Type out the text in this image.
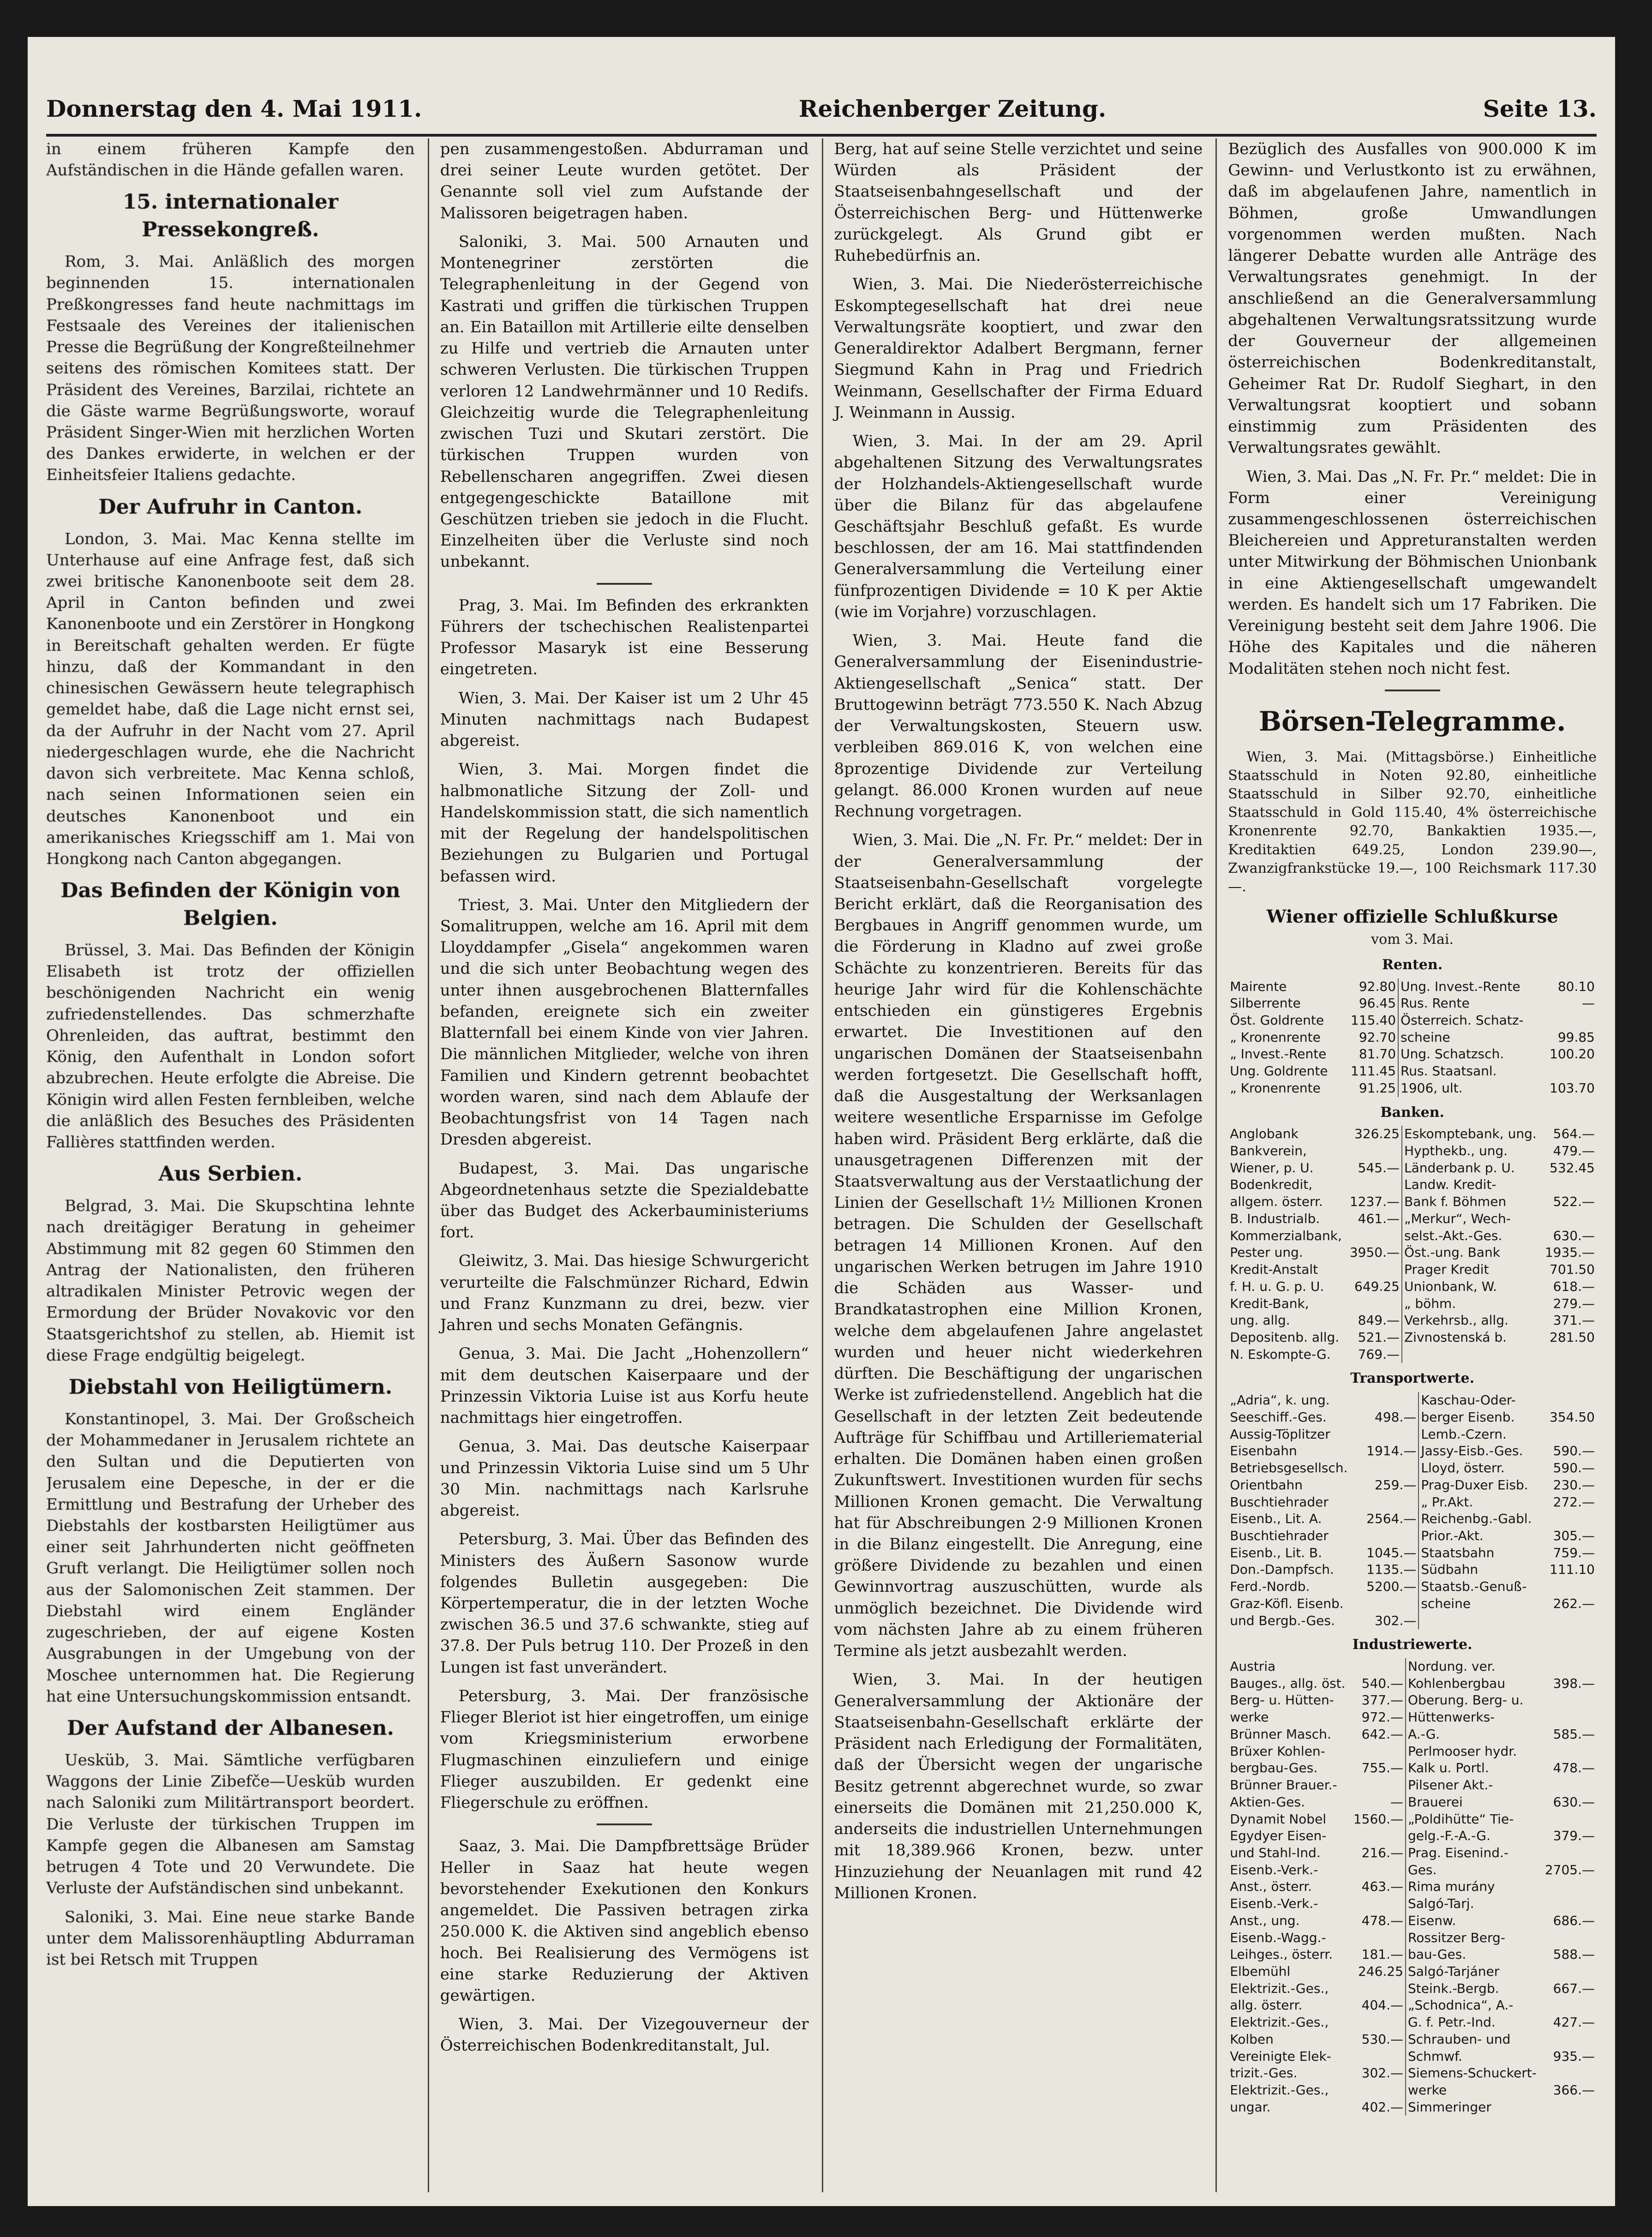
Donnerstag den 4. Mai 1911.	Reichenberger Zeitung.	Seite 13.

in einem früheren Kampfe den Aufständischen in die Hände gefallen waren.

15. internationaler Pressekongreß.

Rom, 3. Mai. Anläßlich des morgen beginnenden 15. internationalen Preßkongresses fand heute nachmittags im Festsaale des Vereines der italienischen Presse die Begrüßung der Kongreßteilnehmer seitens des römischen Komitees statt. Der Präsident des Vereines, Barzilai, richtete an die Gäste warme Begrüßungsworte, worauf Präsident Singer-Wien mit herzlichen Worten des Dankes erwiderte, in welchen er der Einheitsfeier Italiens gedachte.

Der Aufruhr in Canton.

London, 3. Mai. Mac Kenna stellte im Unterhause auf eine Anfrage fest, daß sich zwei britische Kanonenboote seit dem 28. April in Canton befinden und zwei Kanonenboote und ein Zerstörer in Hongkong in Bereitschaft gehalten werden. Er fügte hinzu, daß der Kommandant in den chinesischen Gewässern heute telegraphisch gemeldet habe, daß die Lage nicht ernst sei, da der Aufruhr in der Nacht vom 27. April niedergeschlagen wurde, ehe die Nachricht davon sich verbreitete. Mac Kenna schloß, nach seinen Informationen seien ein deutsches Kanonenboot und ein amerikanisches Kriegsschiff am 1. Mai von Hongkong nach Canton abgegangen.

Das Befinden der Königin von Belgien.

Brüssel, 3. Mai. Das Befinden der Königin Elisabeth ist trotz der offiziellen beschönigenden Nachricht ein wenig zufriedenstellendes. Das schmerzhafte Ohrenleiden, das auftrat, bestimmt den König, den Aufenthalt in London sofort abzubrechen. Heute erfolgte die Abreise. Die Königin wird allen Festen fernbleiben, welche die anläßlich des Besuches des Präsidenten Fallières stattfinden werden.

Aus Serbien.

Belgrad, 3. Mai. Die Skupschtina lehnte nach dreitägiger Beratung in geheimer Abstimmung mit 82 gegen 60 Stimmen den Antrag der Nationalisten, den früheren altradikalen Minister Petrovic wegen der Ermordung der Brüder Novakovic vor den Staatsgerichtshof zu stellen, ab. Hiemit ist diese Frage endgültig beigelegt.

Diebstahl von Heiligtümern.

Konstantinopel, 3. Mai. Der Großscheich der Mohammedaner in Jerusalem richtete an den Sultan und die Deputierten von Jerusalem eine Depesche, in der er die Ermittlung und Bestrafung der Urheber des Diebstahls der kostbarsten Heiligtümer aus einer seit Jahrhunderten nicht geöffneten Gruft verlangt. Die Heiligtümer sollen noch aus der Salomonischen Zeit stammen. Der Diebstahl wird einem Engländer zugeschrieben, der auf eigene Kosten Ausgrabungen in der Umgebung von der Moschee unternommen hat. Die Regierung hat eine Untersuchungskommission entsandt.

Der Aufstand der Albanesen.

Uesküb, 3. Mai. Sämtliche verfügbaren Waggons der Linie Zibefče—Uesküb wurden nach Saloniki zum Militärtransport beordert. Die Verluste der türkischen Truppen im Kampfe gegen die Albanesen am Samstag betrugen 4 Tote und 20 Verwundete. Die Verluste der Aufständischen sind unbekannt.

Saloniki, 3. Mai. Eine neue starke Bande unter dem Malissorenhäuptling Abdurraman ist bei Retsch mit Truppen

pen zusammengestoßen. Abdurraman und drei seiner Leute wurden getötet. Der Genannte soll viel zum Aufstande der Malissoren beigetragen haben.

Saloniki, 3. Mai. 500 Arnauten und Montenegriner zerstörten die Telegraphenleitung in der Gegend von Kastrati und griffen die türkischen Truppen an. Ein Bataillon mit Artillerie eilte denselben zu Hilfe und vertrieb die Arnauten unter schweren Verlusten. Die türkischen Truppen verloren 12 Landwehrmänner und 10 Redifs. Gleichzeitig wurde die Telegraphenleitung zwischen Tuzi und Skutari zerstört. Die türkischen Truppen wurden von Rebellenscharen angegriffen. Zwei diesen entgegengeschickte Bataillone mit Geschützen trieben sie jedoch in die Flucht. Einzelheiten über die Verluste sind noch unbekannt.

Prag, 3. Mai. Im Befinden des erkrankten Führers der tschechischen Realistenpartei Professor Masaryk ist eine Besserung eingetreten.

Wien, 3. Mai. Der Kaiser ist um 2 Uhr 45 Minuten nachmittags nach Budapest abgereist.

Wien, 3. Mai. Morgen findet die halbmonatliche Sitzung der Zoll- und Handelskommission statt, die sich namentlich mit der Regelung der handelspolitischen Beziehungen zu Bulgarien und Portugal befassen wird.

Triest, 3. Mai. Unter den Mitgliedern der Somalitruppen, welche am 16. April mit dem Lloyddampfer „Gisela“ angekommen waren und die sich unter Beobachtung wegen des unter ihnen ausgebrochenen Blatternfalles befanden, ereignete sich ein zweiter Blatternfall bei einem Kinde von vier Jahren. Die männlichen Mitglieder, welche von ihren Familien und Kindern getrennt beobachtet worden waren, sind nach dem Ablaufe der Beobachtungsfrist von 14 Tagen nach Dresden abgereist.

Budapest, 3. Mai. Das ungarische Abgeordnetenhaus setzte die Spezialdebatte über das Budget des Ackerbauministeriums fort.

Gleiwitz, 3. Mai. Das hiesige Schwurgericht verurteilte die Falschmünzer Richard, Edwin und Franz Kunzmann zu drei, bezw. vier Jahren und sechs Monaten Gefängnis.

Genua, 3. Mai. Die Jacht „Hohenzollern“ mit dem deutschen Kaiserpaare und der Prinzessin Viktoria Luise ist aus Korfu heute nachmittags hier eingetroffen.

Genua, 3. Mai. Das deutsche Kaiserpaar und Prinzessin Viktoria Luise sind um 5 Uhr 30 Min. nachmittags nach Karlsruhe abgereist.

Petersburg, 3. Mai. Über das Befinden des Ministers des Äußern Sasonow wurde folgendes Bulletin ausgegeben: Die Körpertemperatur, die in der letzten Woche zwischen 36.5 und 37.6 schwankte, stieg auf 37.8. Der Puls betrug 110. Der Prozeß in den Lungen ist fast unverändert.

Petersburg, 3. Mai. Der französische Flieger Bleriot ist hier eingetroffen, um einige vom Kriegsministerium erworbene Flugmaschinen einzuliefern und einige Flieger auszubilden. Er gedenkt eine Fliegerschule zu eröffnen.

Saaz, 3. Mai. Die Dampfbrettsäge Brüder Heller in Saaz hat heute wegen bevorstehender Exekutionen den Konkurs angemeldet. Die Passiven betragen zirka 250.000 K. die Aktiven sind angeblich ebenso hoch. Bei Realisierung des Vermögens ist eine starke Reduzierung der Aktiven gewärtigen.

Wien, 3. Mai. Der Vizegouverneur der Österreichischen Bodenkreditanstalt, Jul.

Berg, hat auf seine Stelle verzichtet und seine Würden als Präsident der Staatseisenbahngesellschaft und der Österreichischen Berg- und Hüttenwerke zurückgelegt. Als Grund gibt er Ruhebedürfnis an.

Wien, 3. Mai. Die Niederösterreichische Eskomptegesellschaft hat drei neue Verwaltungsräte kooptiert, und zwar den Generaldirektor Adalbert Bergmann, ferner Siegmund Kahn in Prag und Friedrich Weinmann, Gesellschafter der Firma Eduard J. Weinmann in Aussig.

Wien, 3. Mai. In der am 29. April abgehaltenen Sitzung des Verwaltungsrates der Holzhandels-Aktiengesellschaft wurde über die Bilanz für das abgelaufene Geschäftsjahr Beschluß gefaßt. Es wurde beschlossen, der am 16. Mai stattfindenden Generalversammlung die Verteilung einer fünfprozentigen Dividende = 10 K per Aktie (wie im Vorjahre) vorzuschlagen.

Wien, 3. Mai. Heute fand die Generalversammlung der Eisenindustrie-Aktiengesellschaft „Senica“ statt. Der Bruttogewinn beträgt 773.550 K. Nach Abzug der Verwaltungskosten, Steuern usw. verbleiben 869.016 K, von welchen eine 8prozentige Dividende zur Verteilung gelangt. 86.000 Kronen wurden auf neue Rechnung vorgetragen.

Wien, 3. Mai. Die „N. Fr. Pr.“ meldet: Der in der Generalversammlung der Staatseisenbahn-Gesellschaft vorgelegte Bericht erklärt, daß die Reorganisation des Bergbaues in Angriff genommen wurde, um die Förderung in Kladno auf zwei große Schächte zu konzentrieren. Bereits für das heurige Jahr wird für die Kohlenschächte entschieden ein günstigeres Ergebnis erwartet. Die Investitionen auf den ungarischen Domänen der Staatseisenbahn werden fortgesetzt. Die Gesellschaft hofft, daß die Ausgestaltung der Werksanlagen weitere wesentliche Ersparnisse im Gefolge haben wird. Präsident Berg erklärte, daß die unausgetragenen Differenzen mit der Staatsverwaltung aus der Verstaatlichung der Linien der Gesellschaft 1½ Millionen Kronen betragen. Die Schulden der Gesellschaft betragen 14 Millionen Kronen. Auf den ungarischen Werken betrugen im Jahre 1910 die Schäden aus Wasser- und Brandkatastrophen eine Million Kronen, welche dem abgelaufenen Jahre angelastet wurden und heuer nicht wiederkehren dürften. Die Beschäftigung der ungarischen Werke ist zufriedenstellend. Angeblich hat die Gesellschaft in der letzten Zeit bedeutende Aufträge für Schiffbau und Artilleriematerial erhalten. Die Domänen haben einen großen Zukunftswert. Investitionen wurden für sechs Millionen Kronen gemacht. Die Verwaltung hat für Abschreibungen 2·9 Millionen Kronen in die Bilanz eingestellt. Die Anregung, eine größere Dividende zu bezahlen und einen Gewinnvortrag auszuschütten, wurde als unmöglich bezeichnet. Die Dividende wird vom nächsten Jahre ab zu einem früheren Termine als jetzt ausbezahlt werden.

Wien, 3. Mai. In der heutigen Generalversammlung der Aktionäre der Staatseisenbahn-Gesellschaft erklärte der Präsident nach Erledigung der Formalitäten, daß der Übersicht wegen der ungarische Besitz getrennt abgerechnet wurde, so zwar einerseits die Domänen mit 21,250.000 K, anderseits die industriellen Unternehmungen mit 18,389.966 Kronen, bezw. unter Hinzuziehung der Neuanlagen mit rund 42 Millionen Kronen.

Bezüglich des Ausfalles von 900.000 K im Gewinn- und Verlustkonto ist zu erwähnen, daß im abgelaufenen Jahre, namentlich in Böhmen, große Umwandlungen vorgenommen werden mußten. Nach längerer Debatte wurden alle Anträge des Verwaltungsrates genehmigt. In der anschließend an die Generalversammlung abgehaltenen Verwaltungsratssitzung wurde der Gouverneur der allgemeinen österreichischen Bodenkreditanstalt, Geheimer Rat Dr. Rudolf Sieghart, in den Verwaltungsrat kooptiert und sobann einstimmig zum Präsidenten des Verwaltungsrates gewählt.

Wien, 3. Mai. Das „N. Fr. Pr.“ meldet: Die in Form einer Vereinigung zusammengeschlossenen österreichischen Bleichereien und Appreturanstalten werden unter Mitwirkung der Böhmischen Unionbank in eine Aktiengesellschaft umgewandelt werden. Es handelt sich um 17 Fabriken. Die Vereinigung besteht seit dem Jahre 1906. Die Höhe des Kapitales und die näheren Modalitäten stehen noch nicht fest.

Börsen-Telegramme.
Wien, 3. Mai. (Mittagsbörse.) Einheitliche Staatsschuld in Noten 92.80, einheitliche Staatsschuld in Silber 92.70, einheitliche Staatsschuld in Gold 115.40, 4% österreichische Kronenrente 92.70, Bankaktien 1935.—, Kreditaktien 649.25, London 239.90—, Zwanzigfrankstücke 19.—, 100 Reichsmark 117.30—.
Wiener offizielle Schlußkurse
vom 3. Mai.
Renten.
Mairente	92.80	Ung. Invest.-Rente	80.10
Silberrente	96.45	Rus. Rente	—
Öst. Goldrente	115.40	Österreich. Schatz-	
„ Kronenrente	92.70	scheine	99.85
„ Invest.-Rente	81.70	Ung. Schatzsch.	100.20
Ung. Goldrente	111.45	Rus. Staatsanl.	
„ Kronenrente	91.25	1906, ult.	103.70
Banken.
Anglobank	326.25	Eskomptebank, ung.	564.—
Bankverein,		Hypthekb., ung.	479.—
Wiener, p. U.	545.—	Länderbank p. U.	532.45
Bodenkredit,		Landw. Kredit-	
allgem. österr.	1237.—	Bank f. Böhmen	522.—
B. Industrialb.	461.—	„Merkur“, Wech-	
Kommerzialbank,		selst.-Akt.-Ges.	630.—
Pester ung.	3950.—	Öst.-ung. Bank	1935.—
Kredit-Anstalt		Prager Kredit	701.50
f. H. u. G. p. U.	649.25	Unionbank, W.	618.—
Kredit-Bank,		„ böhm.	279.—
ung. allg.	849.—	Verkehrsb., allg.	371.—
Depositenb. allg.	521.—	Zivnostenská b.	281.50
N. Eskompte-G.	769.—		
Transportwerte.
„Adria“, k. ung.		Kaschau-Oder-	
Seeschiff.-Ges.	498.—	berger Eisenb.	354.50
Aussig-Töplitzer		Lemb.-Czern.	
Eisenbahn	1914.—	Jassy-Eisb.-Ges.	590.—
Betriebsgesellsch.		Lloyd, österr.	590.—
Orientbahn	259.—	Prag-Duxer Eisb.	230.—
Buschtiehrader		„ Pr.Akt.	272.—
Eisenb., Lit. A.	2564.—	Reichenbg.-Gabl.	
Buschtiehrader		Prior.-Akt.	305.—
Eisenb., Lit. B.	1045.—	Staatsbahn	759.—
Don.-Dampfsch.	1135.—	Südbahn	111.10
Ferd.-Nordb.	5200.—	Staatsb.-Genuß-	
Graz-Köfl. Eisenb.		scheine	262.—
und Bergb.-Ges.	302.—		
Industriewerte.
Austria		Nordung. ver.	
Bauges., allg. öst.	540.—	Kohlenbergbau	398.—
Berg- u. Hütten-	377.—	Oberung. Berg- u.	
werke	972.—	Hüttenwerks-	
Brünner Masch.	642.—	A.-G.	585.—
Brüxer Kohlen-		Perlmooser hydr.	
bergbau-Ges.	755.—	Kalk u. Portl.	478.—
Brünner Brauer.-		Pilsener Akt.-	
Aktien-Ges.	—	Brauerei	630.—
Dynamit Nobel	1560.—	„Poldihütte“ Tie-	
Egydyer Eisen-		gelg.-F.-A.-G.	379.—
und Stahl-Ind.	216.—	Prag. Eisenind.-	
Eisenb.-Verk.-		Ges.	2705.—
Anst., österr.	463.—	Rima murány	
Eisenb.-Verk.-		Salgó-Tarj.	
Anst., ung.	478.—	Eisenw.	686.—
Eisenb.-Wagg.-		Rossitzer Berg-	
Leihges., österr.	181.—	bau-Ges.	588.—
Elbemühl	246.25	Salgó-Tarjáner	
Elektrizit.-Ges.,		Steink.-Bergb.	667.—
allg. österr.	404.—	„Schodnica“, A.-	
Elektrizit.-Ges.,		G. f. Petr.-Ind.	427.—
Kolben	530.—	Schrauben- und	
Vereinigte Elek-		Schmwf.	935.—
trizit.-Ges.	302.—	Siemens-Schuckert-	
Elektrizit.-Ges.,		werke	366.—
ungar.	402.—	Simmeringer	
